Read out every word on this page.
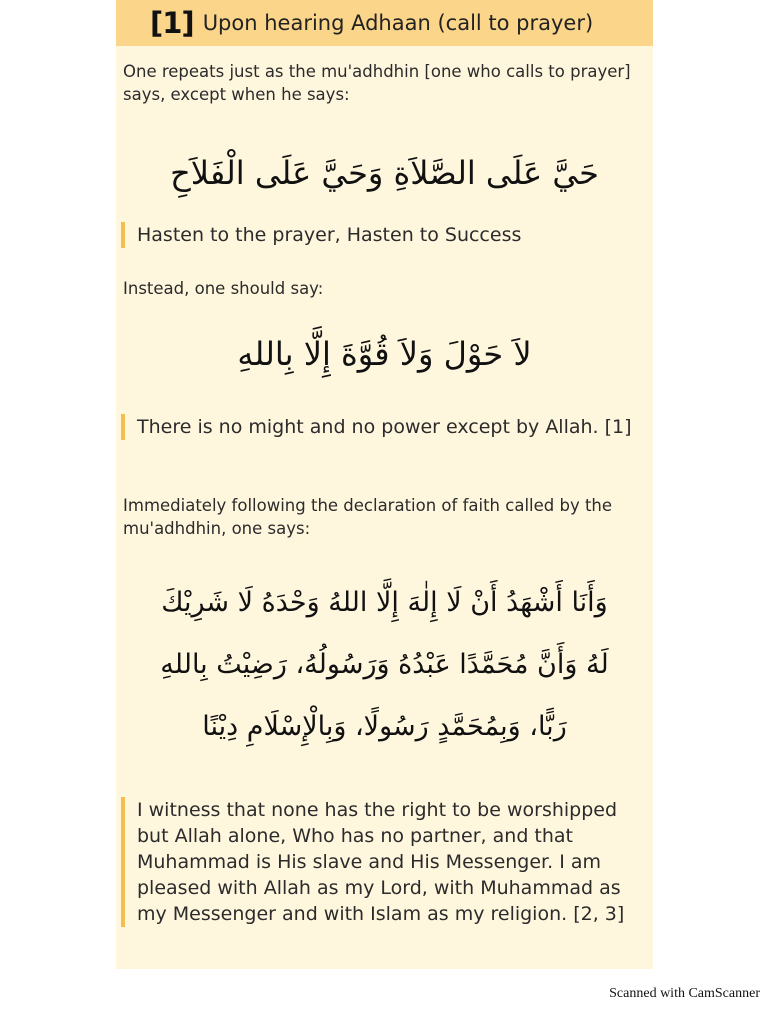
[1] Upon hearing Adhaan (call to prayer)

One repeats just as the mu'adhdhin [one who calls to prayer] says, except when he says:

حَيَّ عَلَى الصَّلاَةِ وَحَيَّ عَلَى الْفَلاَحِ

Hasten to the prayer, Hasten to Success

Instead, one should say:

لاَ حَوْلَ وَلاَ قُوَّةَ إِلَّا بِاللهِ

There is no might and no power except by Allah. [1]

Immediately following the declaration of faith called by the mu'adhdhin, one says:

وَأَنَا أَشْهَدُ أَنْ لَا إِلٰهَ إِلَّا اللهُ وَحْدَهُ لَا شَرِيْكَ

لَهُ وَأَنَّ مُحَمَّدًا عَبْدُهُ وَرَسُولُهُ، رَضِيْتُ بِاللهِ

رَبًّا، وَبِمُحَمَّدٍ رَسُولًا، وَبِالْإِسْلَامِ دِيْنًا

I witness that none has the right to be worshipped but Allah alone, Who has no partner, and that Muhammad is His slave and His Messenger. I am pleased with Allah as my Lord, with Muhammad as my Messenger and with Islam as my religion. [2, 3]

Scanned with CamScanner
